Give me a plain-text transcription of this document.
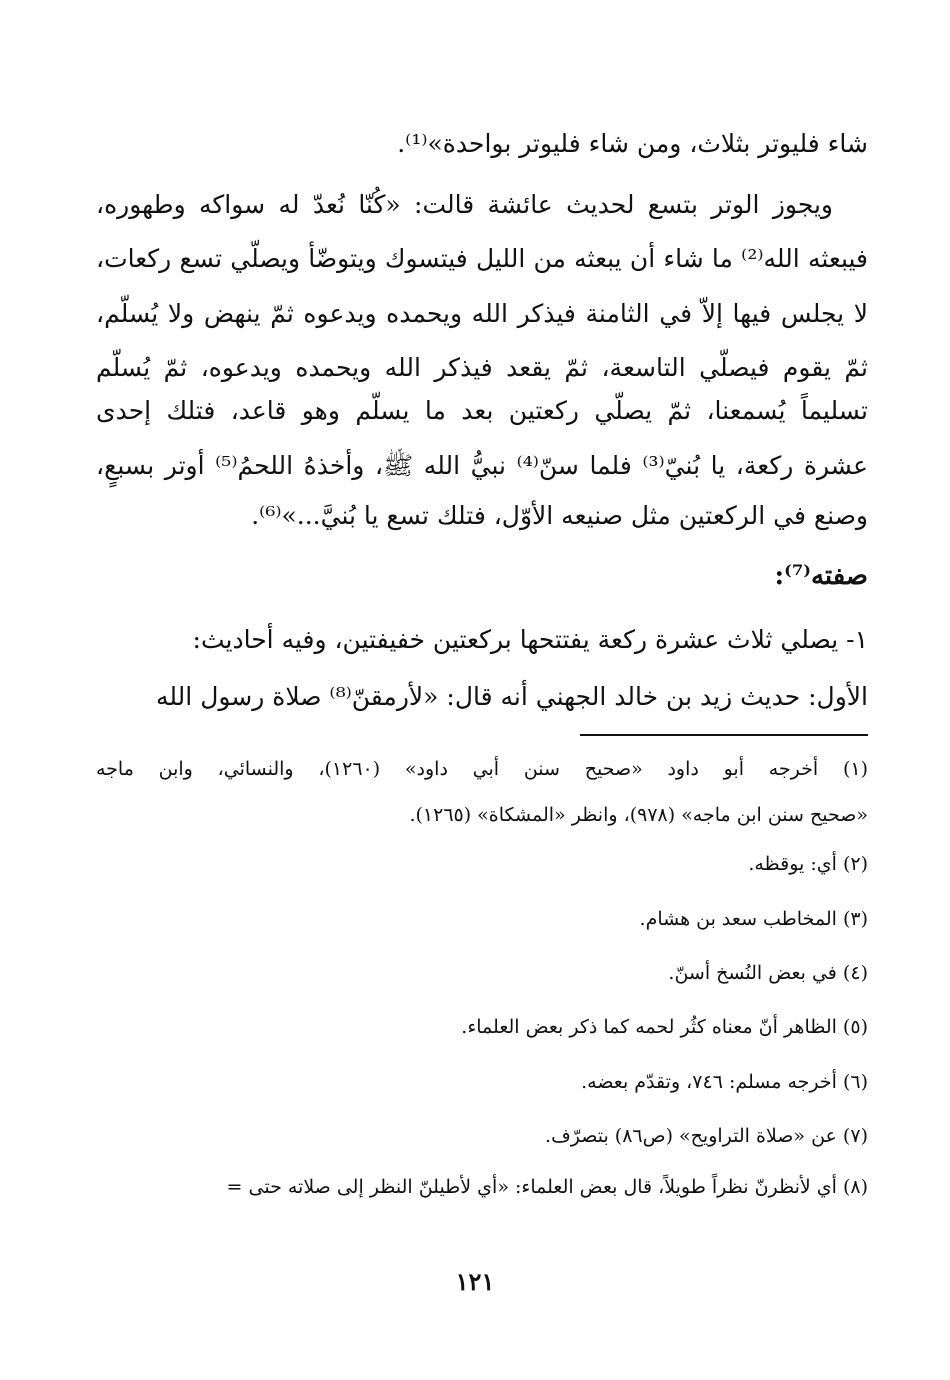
شاء فليوتر بثلاث، ومن شاء فليوتر بواحدة»⁽¹⁾.
ويجوز الوتر بتسع لحديث عائشة قالت: «كُنّا نُعدّ له سواكه وطهوره،
فيبعثه الله⁽²⁾ ما شاء أن يبعثه من الليل فيتسوك ويتوضّأ ويصلّي تسع ركعات،
لا يجلس فيها إلاّ في الثامنة فيذكر الله ويحمده ويدعوه ثمّ ينهض ولا يُسلّم،
ثمّ يقوم فيصلّي التاسعة، ثمّ يقعد فيذكر الله ويحمده ويدعوه، ثمّ يُسلّم
تسليماً يُسمعنا، ثمّ يصلّي ركعتين بعد ما يسلّم وهو قاعد، فتلك إحدى
عشرة ركعة، يا بُنيّ⁽³⁾ فلما سنّ⁽⁴⁾ نبيُّ الله ﷺ، وأخذهُ اللحمُ⁽⁵⁾ أوتر بسبعٍ،
وصنع في الركعتين مثل صنيعه الأوّل، فتلك تسع يا بُنيَّ...»⁽⁶⁾.
صفته⁽⁷⁾:
١- يصلي ثلاث عشرة ركعة يفتتحها بركعتين خفيفتين، وفيه أحاديث:
الأول: حديث زيد بن خالد الجهني أنه قال: «لأرمقنّ⁽⁸⁾ صلاة رسول الله
(١) أخرجه أبو داود «صحيح سنن أبي داود» (١٢٦٠)، والنسائي، وابن ماجه
«صحيح سنن ابن ماجه» (٩٧٨)، وانظر «المشكاة» (١٢٦٥).
(٢) أي: يوقظه.
(٣) المخاطب سعد بن هشام.
(٤) في بعض النُسخ أسنّ.
(٥) الظاهر أنّ معناه كثُر لحمه كما ذكر بعض العلماء.
(٦) أخرجه مسلم: ٧٤٦، وتقدّم بعضه.
(٧) عن «صلاة التراويح» (ص٨٦) بتصرّف.
(٨) أي لأنظرنّ نظراً طويلاً، قال بعض العلماء: «أي لأطيلنّ النظر إلى صلاته حتى =
١٢١
